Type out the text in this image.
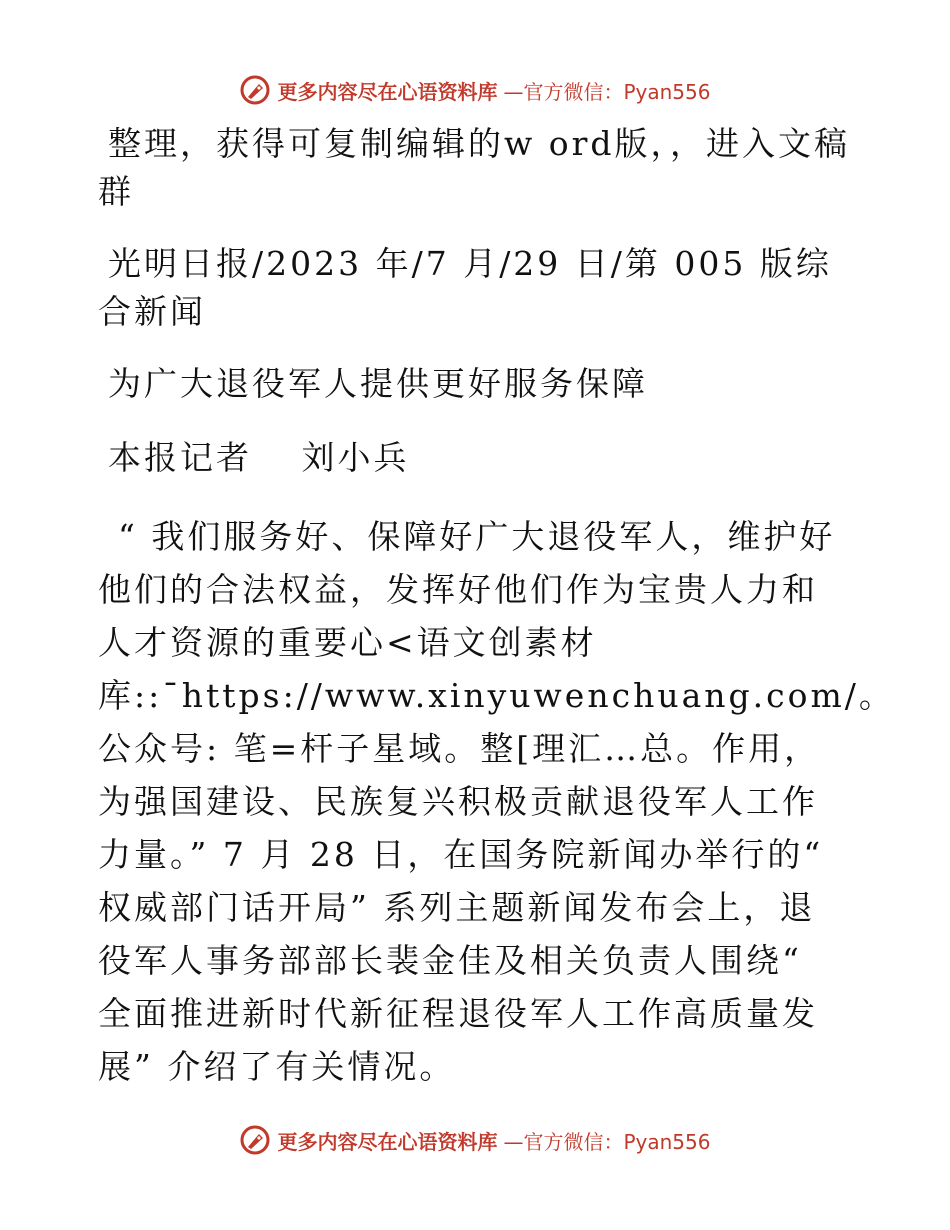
更多内容尽在心语资料库 —官方微信：Pyan556

整理，获得可复制编辑的w ord版，，进入文稿群

光明日报/2023 年/7 月/29 日/第 005 版综合新闻

为广大退役军人提供更好服务保障

本报记者　 刘小兵

“ 我们服务好、保障好广大退役军人，维护好他们的合法权益，发挥好他们作为宝贵人力和人才资源的重要心<语文创素材库::¯https://www.xinyuwenchuang.com/。公众号: 笔=杆子星域。整[理汇…总。作用，为强国建设、民族复兴积极贡献退役军人工作力量。” 7 月 28 日，在国务院新闻办举行的“ 权威部门话开局” 系列主题新闻发布会上，退役军人事务部部长裴金佳及相关负责人围绕“ 全面推进新时代新征程退役军人工作高质量发展” 介绍了有关情况。

更多内容尽在心语资料库 —官方微信：Pyan556
